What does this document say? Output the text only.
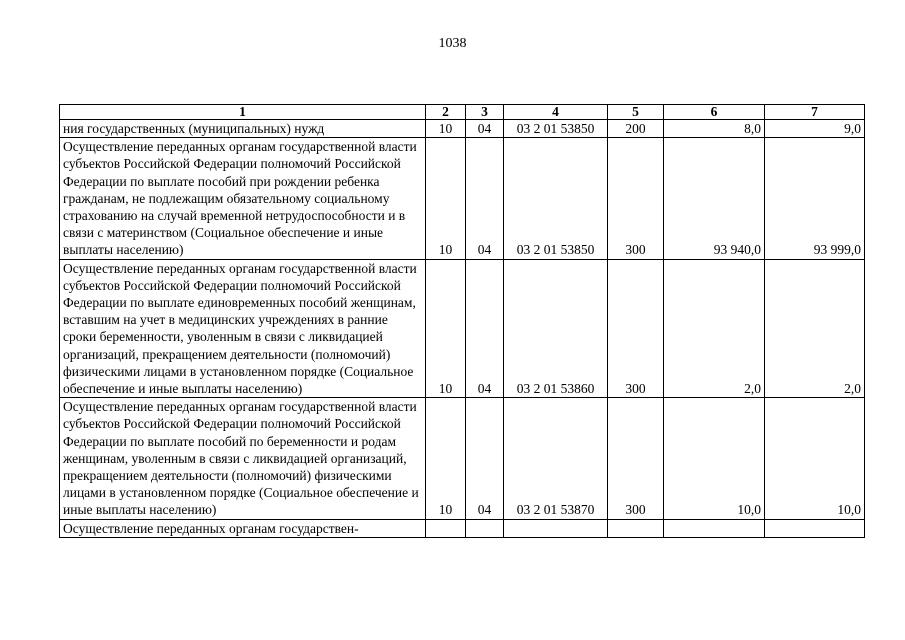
1038
1	2	3	4	5	6	7
ния государственных (муниципальных) нужд	10	04	03 2 01 53850	200	8,0	9,0
Осуществление переданных органам государственной власти субъектов Российской Федерации полномочий Российской Федерации по выплате пособий при рождении ребенка гражданам, не подлежащим обязательному социальному страхованию на случай временной нетрудоспособности и в связи с материнством (Социальное обеспечение и иные выплаты населению)	10	04	03 2 01 53850	300	93 940,0	93 999,0
Осуществление переданных органам государственной власти субъектов Российской Федерации полномочий Российской Федерации по выплате единовременных пособий женщинам, вставшим на учет в медицинских учреждениях в ранние сроки беременности, уволенным в связи с ликвидацией организаций, прекращением деятельности (полномочий) физическими лицами в установленном порядке (Социальное обеспечение и иные выплаты населению)	10	04	03 2 01 53860	300	2,0	2,0
Осуществление переданных органам государственной власти субъектов Российской Федерации полномочий Российской Федерации по выплате пособий по беременности и родам женщинам, уволенным в связи с ликвидацией организаций, прекращением деятельности (полномочий) физическими лицами в установленном порядке (Социальное обеспечение и иные выплаты населению)	10	04	03 2 01 53870	300	10,0	10,0
Осуществление переданных органам государствен-						
